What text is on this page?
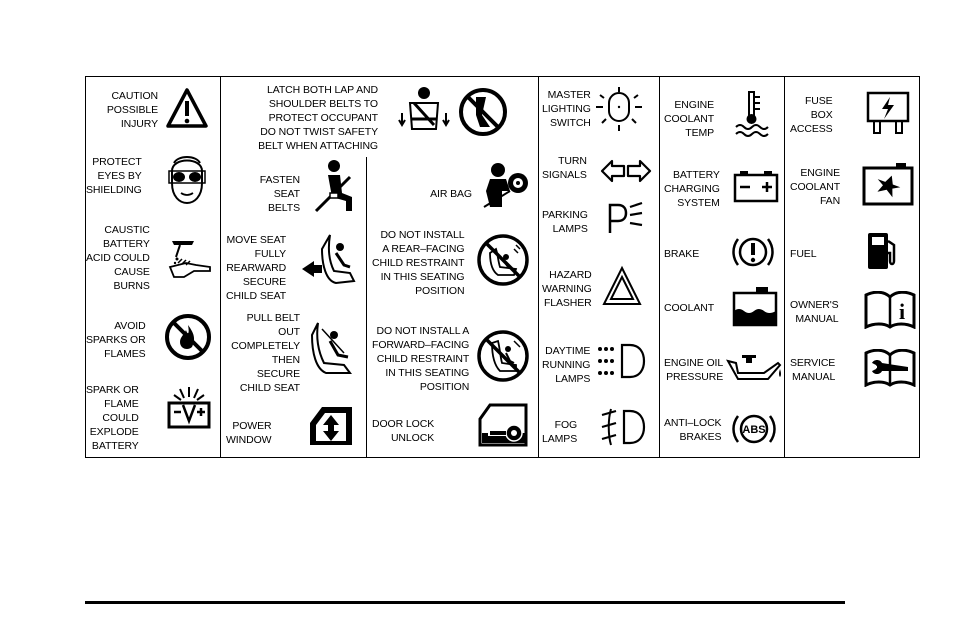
CAUTION
POSSIBLE
INJURY
PROTECT
EYES BY
SHIELDING
CAUSTIC
BATTERY
ACID COULD
CAUSE
BURNS
AVOID
SPARKS OR
FLAMES
SPARK OR
FLAME
COULD
EXPLODE
BATTERY
LATCH BOTH LAP AND
SHOULDER BELTS TO
PROTECT OCCUPANT
DO NOT TWIST SAFETY
BELT WHEN ATTACHING
FASTEN
SEAT
BELTS
MOVE SEAT
FULLY
REARWARD
SECURE
CHILD SEAT
PULL BELT
OUT
COMPLETELY
THEN SECURE
CHILD SEAT
POWER
WINDOW
AIR BAG
DO NOT INSTALL
A REAR–FACING
CHILD RESTRAINT
IN THIS SEATING
POSITION
DO NOT INSTALL A
FORWARD–FACING
CHILD RESTRAINT
IN THIS SEATING
POSITION
DOOR LOCK
UNLOCK
MASTER
LIGHTING
SWITCH
TURN
SIGNALS
PARKING
LAMPS
HAZARD
WARNING
FLASHER
DAYTIME
RUNNING
LAMPS
FOG
LAMPS
ENGINE
COOLANT
TEMP
BATTERY
CHARGING
SYSTEM
BRAKE
COOLANT
ENGINE OIL
PRESSURE
ANTI–LOCK
BRAKES
ABS
FUSE
BOX
ACCESS
ENGINE
COOLANT
FAN
FUEL
OWNER'S
MANUAL	i
SERVICE
MANUAL
